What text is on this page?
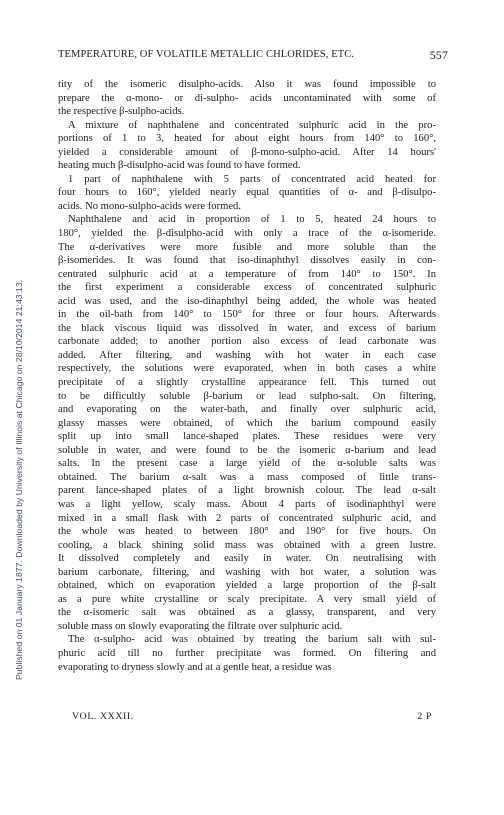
Published on 01 January 1877. Downloaded by University of Illinois at Chicago on 28/10/2014 21:43:13.
TEMPERATURE, OF VOLATILE METALLIC CHLORIDES, ETC.	557
tity of the isomeric disulpho-acids. Also it was found impossible to
prepare the α-mono- or di-sulpho- acids uncontaminated with some of
the respective β-sulpho-acids.
A mixture of naphthalene and concentrated sulphuric acid in the pro-
portions of 1 to 3, heated for about eight hours from 140° to 160°,
yielded a considerable amount of β-mono-sulpho-acid. After 14 hours'
heating much β-disulpho-acid was found to have formed.
1 part of naphthalene with 5 parts of concentrated acid heated for
four hours to 160°, yielded nearly equal quantities of α- and β-disulpo-
acids. No mono-sulpho-acids were formed.
Naphthalene and acid in proportion of 1 to 5, heated 24 hours to
180°, yielded the β-disulpho-acid with only a trace of the α-isomeride.
The α-derivatives were more fusible and more soluble than the
β-isomerides. It was found that iso-dinaphthyl dissolves easily in con-
centrated sulphuric acid at a temperature of from 140° to 150°. In
the first experiment a considerable excess of concentrated sulphuric
acid was used, and the iso-dinaphthyl being added, the whole was heated
in the oil-bath from 140° to 150° for three or four hours. Afterwards
the black viscous liquid was dissolved in water, and excess of barium
carbonate added; to another portion also excess of lead carbonate was
added. After filtering, and washing with hot water in each case
respectively, the solutions were evaporated, when in both cases a white
precipitate of a slightly crystalline appearance fell. This turned out
to be difficultly soluble β-barium or lead sulpho-salt. On filtering,
and evaporating on the water-bath, and finally over sulphuric acid,
glassy masses were obtained, of which the barium compound easily
split up into small lance-shaped plates. These residues were very
soluble in water, and were found to be the isomeric α-barium and lead
salts. In the present case a large yield of the α-soluble salts was
obtained. The barium α-salt was a mass composed of little trans-
parent lance-shaped plates of a light brownish colour. The lead α-salt
was a light yellow, scaly mass. About 4 parts of isodinaphthyl were
mixed in a small flask with 2 parts of concentrated sulphuric acid, and
the whole was heated to between 180° and 190° for five hours. On
cooling, a black shining solid mass was obtained with a green lustre.
It dissolved completely and easily in water. On neutralising with
barium carbonate, filtering, and washing with hot water, a solution was
obtained, which on evaporation yielded a large proportion of the β-salt
as a pure white crystalline or scaly precipitate. A very small yield of
the α-isomeric salt was obtained as a glassy, transparent, and very
soluble mass on slowly evaporating the filtrate over sulphuric acid.
The α-sulpho- acid was obtained by treating the barium salt with sul-
phuric acid till no further precipitate was formed. On filtering and
evaporating to dryness slowly and at a gentle heat, a residue was
VOL. XXXII.	2 P
